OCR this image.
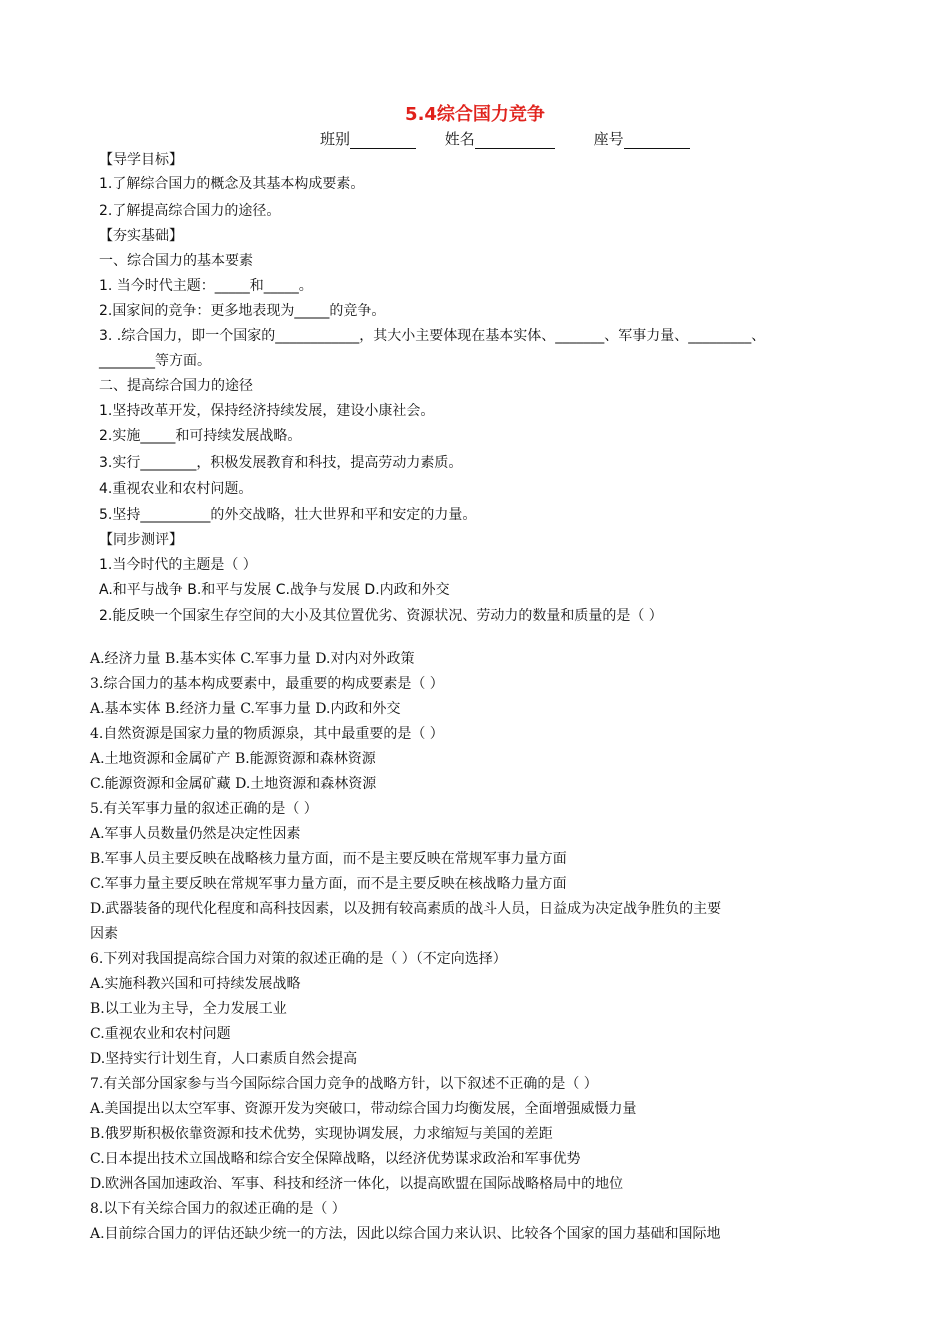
5.4综合国力竞争
班别	姓名	座号
【导学目标】
1.了解综合国力的概念及其基本构成要素。
2.了解提高综合国力的途径。
【夯实基础】
一、综合国力的基本要素
1. 当今时代主题：_____和_____。
2.国家间的竞争：更多地表现为_____的竞争。
3. .综合国力，即一个国家的____________，其大小主要体现在基本实体、_______、军事力量、_________、
________等方面。
二、提高综合国力的途径
1.坚持改革开发，保持经济持续发展，建设小康社会。
2.实施_____和可持续发展战略。
3.实行________，积极发展教育和科技，提高劳动力素质。
4.重视农业和农村问题。
5.坚持__________的外交战略，壮大世界和平和安定的力量。
【同步测评】
1.当今时代的主题是（ ）
A.和平与战争 B.和平与发展 C.战争与发展 D.内政和外交
2.能反映一个国家生存空间的大小及其位置优劣、资源状况、劳动力的数量和质量的是（ ）
A.经济力量 B.基本实体 C.军事力量 D.对内对外政策
3.综合国力的基本构成要素中，最重要的构成要素是（ ）
A.基本实体 B.经济力量 C.军事力量 D.内政和外交
4.自然资源是国家力量的物质源泉，其中最重要的是（ ）
A.土地资源和金属矿产 B.能源资源和森林资源
C.能源资源和金属矿藏 D.土地资源和森林资源
5.有关军事力量的叙述正确的是（ ）
A.军事人员数量仍然是决定性因素
B.军事人员主要反映在战略核力量方面，而不是主要反映在常规军事力量方面
C.军事力量主要反映在常规军事力量方面，而不是主要反映在核战略力量方面
D.武器装备的现代化程度和高科技因素，以及拥有较高素质的战斗人员，日益成为决定战争胜负的主要
因素
6.下列对我国提高综合国力对策的叙述正确的是（ ）（不定向选择）
A.实施科教兴国和可持续发展战略
B.以工业为主导，全力发展工业
C.重视农业和农村问题
D.坚持实行计划生育，人口素质自然会提高
7.有关部分国家参与当今国际综合国力竞争的战略方针，以下叙述不正确的是（ ）
A.美国提出以太空军事、资源开发为突破口，带动综合国力均衡发展，全面增强威慑力量
B.俄罗斯积极依靠资源和技术优势，实现协调发展，力求缩短与美国的差距
C.日本提出技术立国战略和综合安全保障战略，以经济优势谋求政治和军事优势
D.欧洲各国加速政治、军事、科技和经济一体化，以提高欧盟在国际战略格局中的地位
8.以下有关综合国力的叙述正确的是（ ）
A.目前综合国力的评估还缺少统一的方法，因此以综合国力来认识、比较各个国家的国力基础和国际地
